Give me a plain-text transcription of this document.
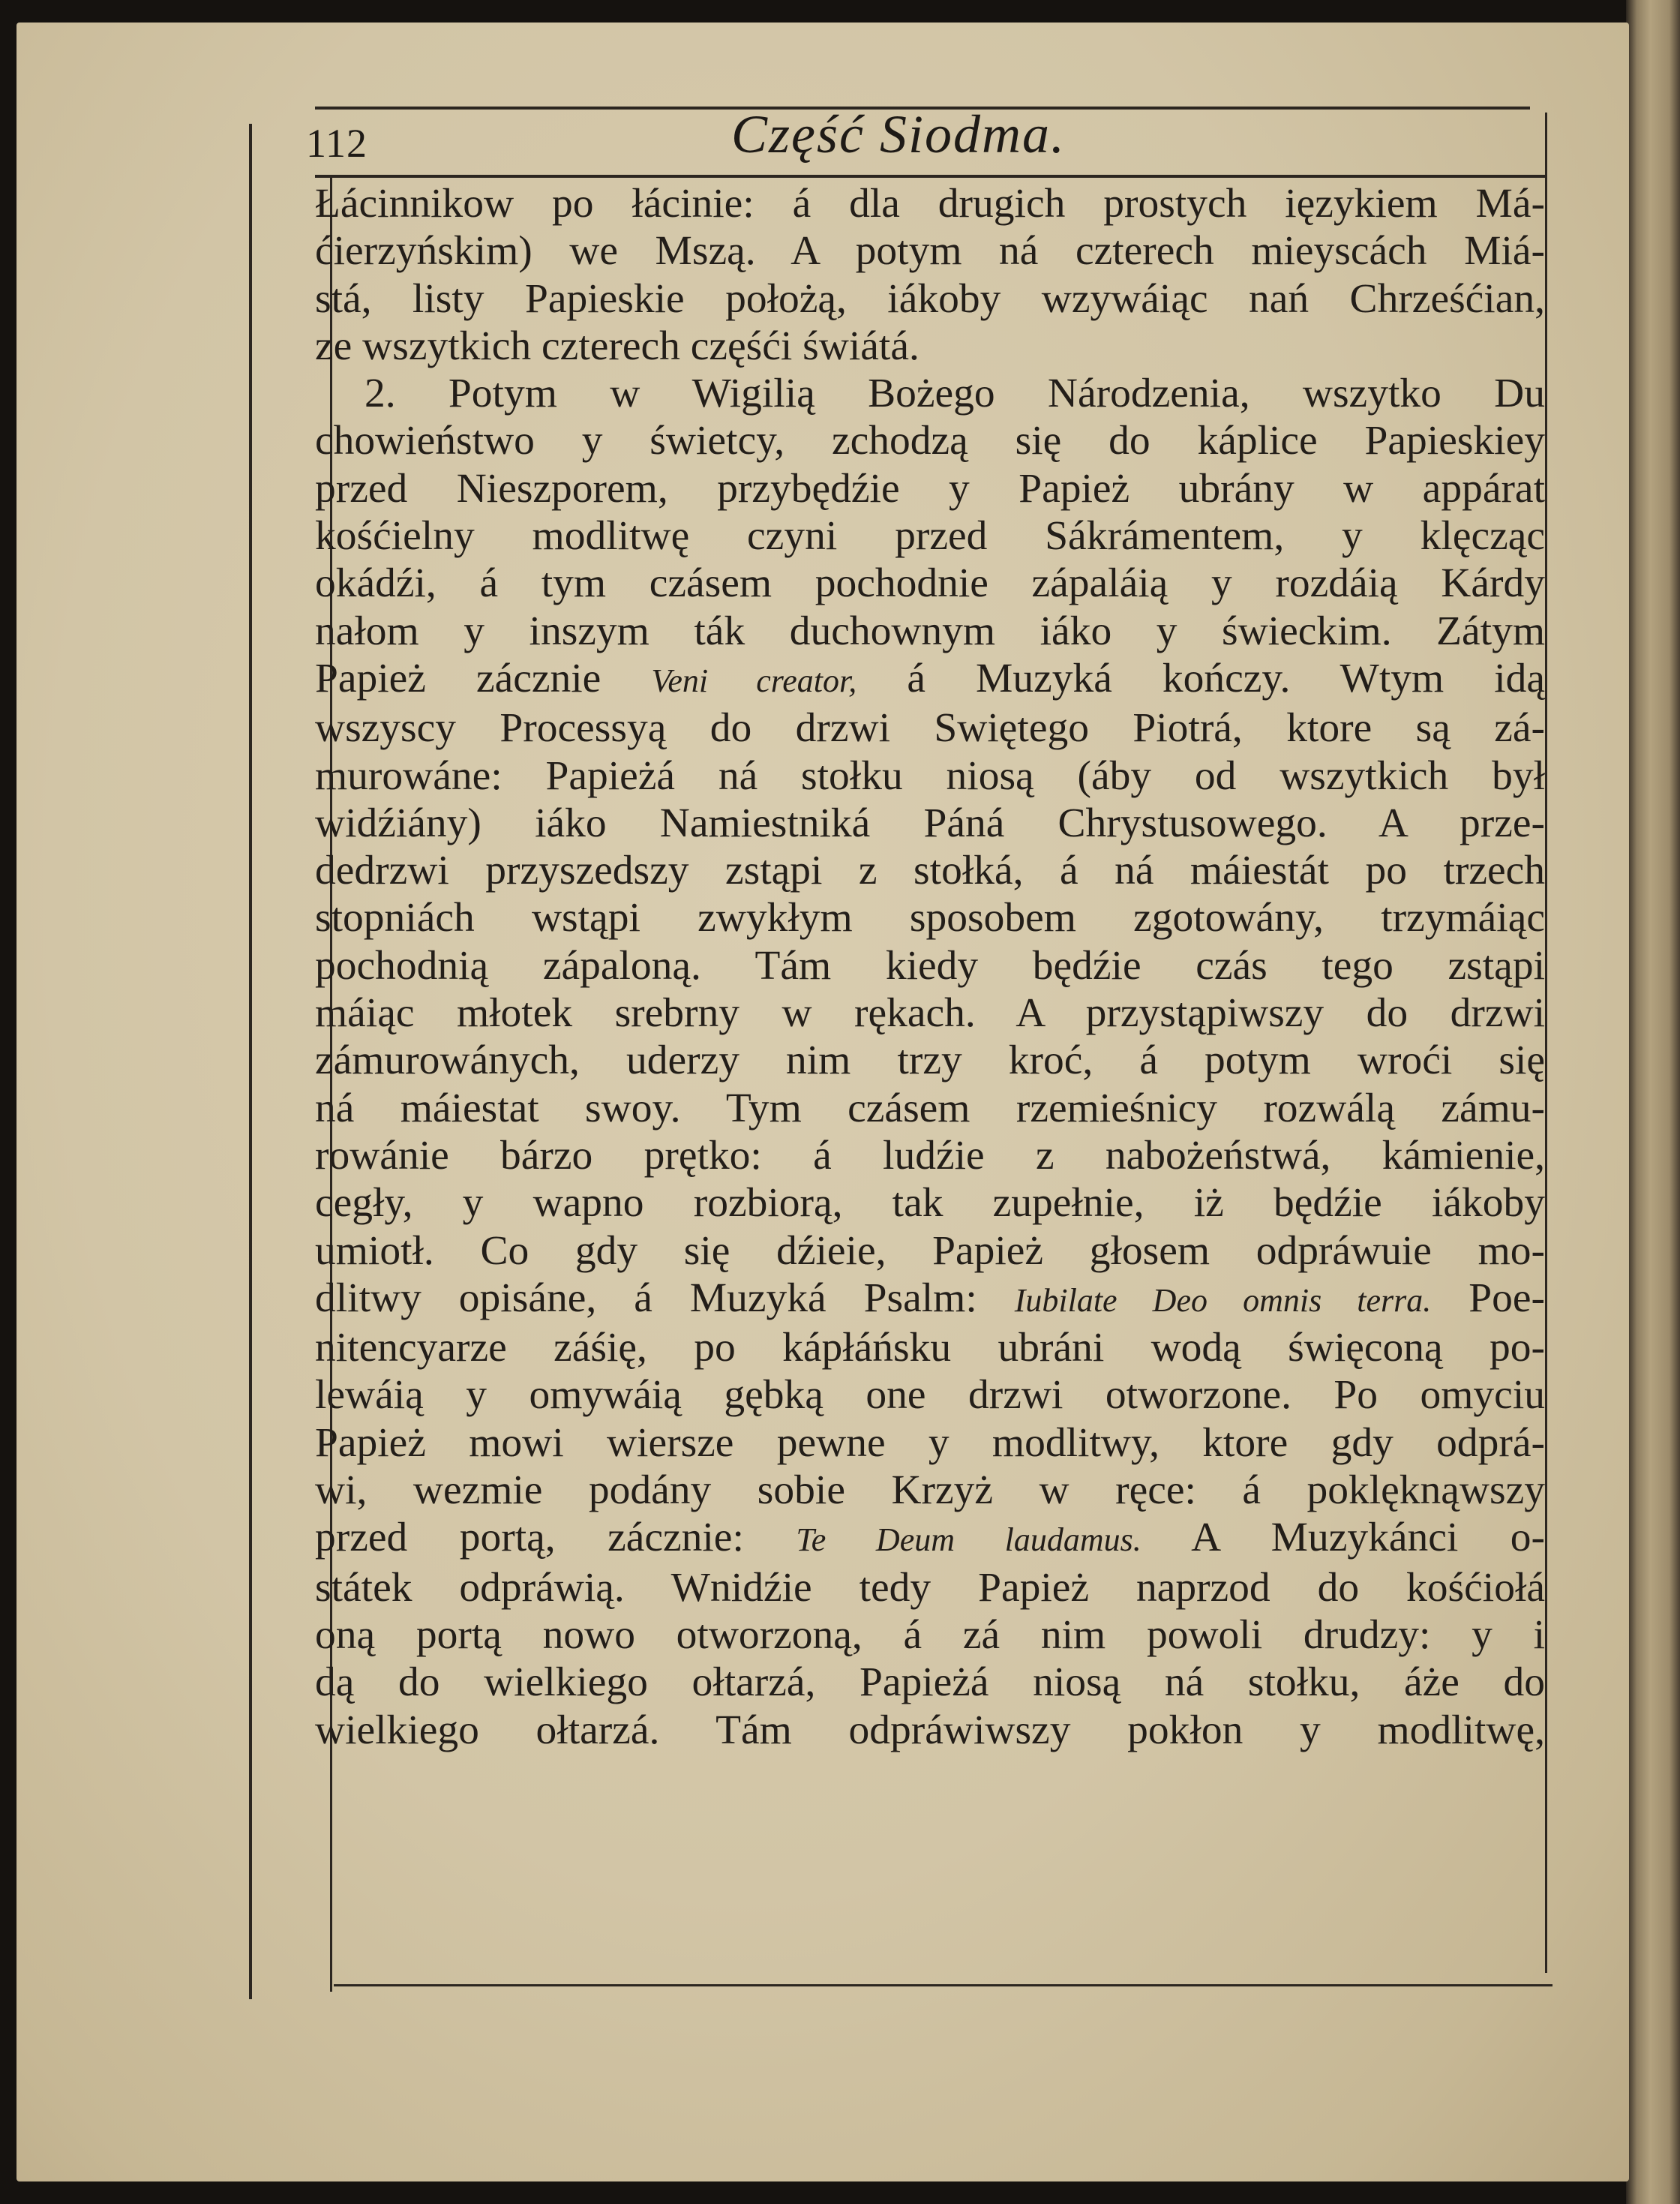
112	Część Siodma.
Łácinnikow po łácinie: á dla drugich prostych ięzykiem Má-
ćierzyńskim) we Mszą. A potym ná czterech mieyscách Miá-
stá, listy Papieskie położą, iákoby wzywáiąc nań Chrześćian,
ze wszytkich czterech częśći świátá.
2. Potym w Wigilią Bożego Národzenia, wszytko Du
chowieństwo y świetcy, zchodzą się do káplice Papieskiey
przed Nieszporem, przybędźie y Papież ubrány w appárat
kośćielny modlitwę czyni przed Sákrámentem, y klęcząc
okádźi, á tym czásem pochodnie zápaláią y rozdáią Kárdy
nałom y inszym ták duchownym iáko y świeckim. Zátym
Papież zácznie Veni creator, á Muzyká kończy. Wtym idą
wszyscy Processyą do drzwi Swiętego Piotrá, ktore są zá-
murowáne: Papieżá ná stołku niosą (áby od wszytkich był
widźiány) iáko Namiestniká Páná Chrystusowego. A prze-
dedrzwi przyszedszy zstąpi z stołká, á ná máiestát po trzech
stopniách wstąpi zwykłym sposobem zgotowány, trzymáiąc
pochodnią zápaloną. Tám kiedy będźie czás tego zstąpi
máiąc młotek srebrny w rękach. A przystąpiwszy do drzwi
zámurowánych, uderzy nim trzy kroć, á potym wroći się
ná máiestat swoy. Tym czásem rzemieśnicy rozwálą zámu-
rowánie bárzo prętko: á ludźie z nabożeństwá, kámienie,
cegły, y wapno rozbiorą, tak zupełnie, iż będźie iákoby
umiotł. Co gdy się dźieie, Papież głosem odpráwuie mo-
dlitwy opisáne, á Muzyká Psalm: Iubilate Deo omnis terra. Poe-
nitencyarze záśię, po kápłáńsku ubráni wodą święconą po-
lewáią y omywáią gębką one drzwi otworzone. Po omyciu
Papież mowi wiersze pewne y modlitwy, ktore gdy odprá-
wi, wezmie podány sobie Krzyż w ręce: á poklęknąwszy
przed portą, zácznie: Te Deum laudamus. A Muzykánci o-
státek odpráwią. Wnidźie tedy Papież naprzod do kośćiołá
oną portą nowo otworzoną, á zá nim powoli drudzy: y i
dą do wielkiego ołtarzá, Papieżá niosą ná stołku, áże do
wielkiego ołtarzá. Tám odpráwiwszy pokłon y modlitwę,
